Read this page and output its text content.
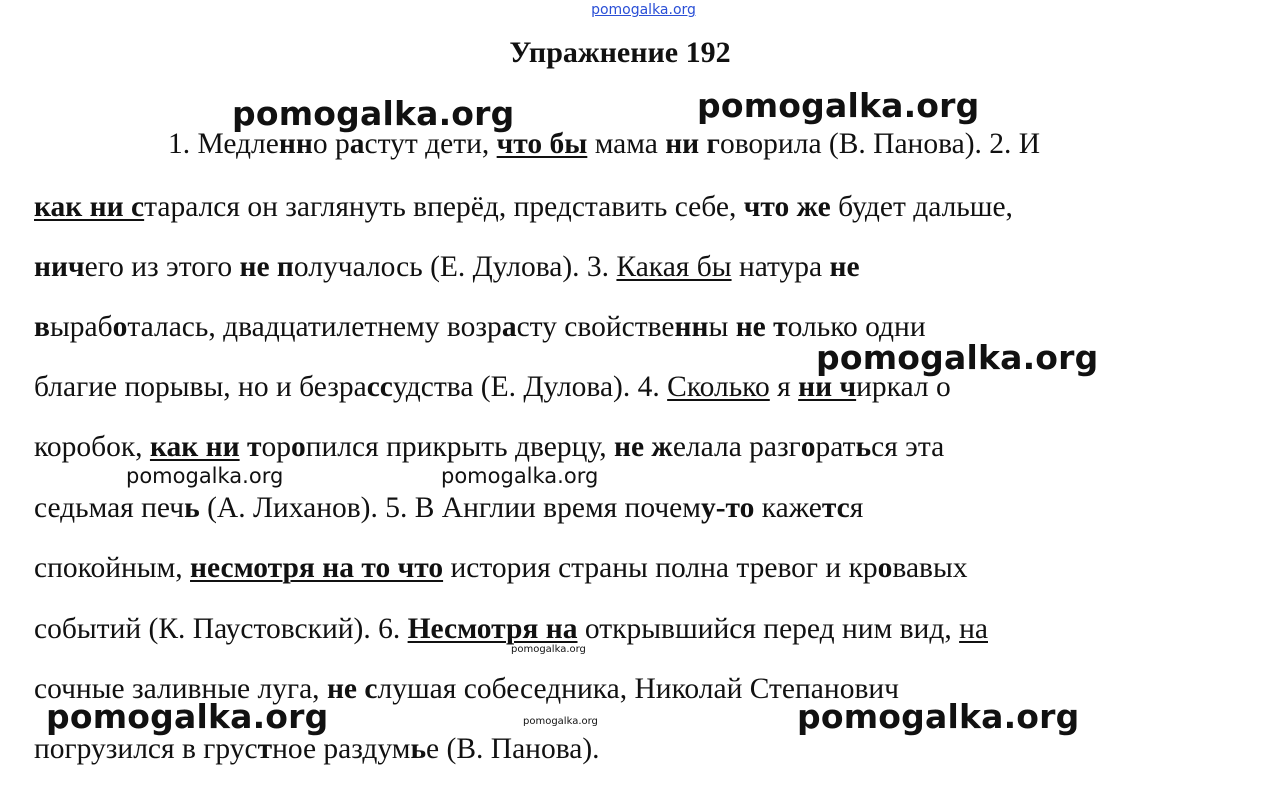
pomogalka.org
Упражнение 192
1. Медленно растут дети, что бы мама ни говорила (В. Панова). 2. И
как ни старался он заглянуть вперёд, представить себе, что же будет дальше,
ничего из этого не получалось (Е. Дулова). 3. Какая бы натура не
выработалась, двадцатилетнему возрасту свойственны не только одни
благие порывы, но и безрассудства (Е. Дулова). 4. Сколько я ни чиркал о
коробок, как ни торопился прикрыть дверцу, не желала разгораться эта
седьмая печь (А. Лиханов). 5. В Англии время почему-то кажется
спокойным, несмотря на то что история страны полна тревог и кровавых
событий (К. Паустовский). 6. Несмотря на открывшийся перед ним вид, на
сочные заливные луга, не слушая собеседника, Николай Степанович
погрузился в грустное раздумье (В. Панова).
pomogalka.org	pomogalka.org
pomogalka.org
pomogalka.org	pomogalka.org
pomogalka.org
pomogalka.org	pomogalka.org	pomogalka.org
